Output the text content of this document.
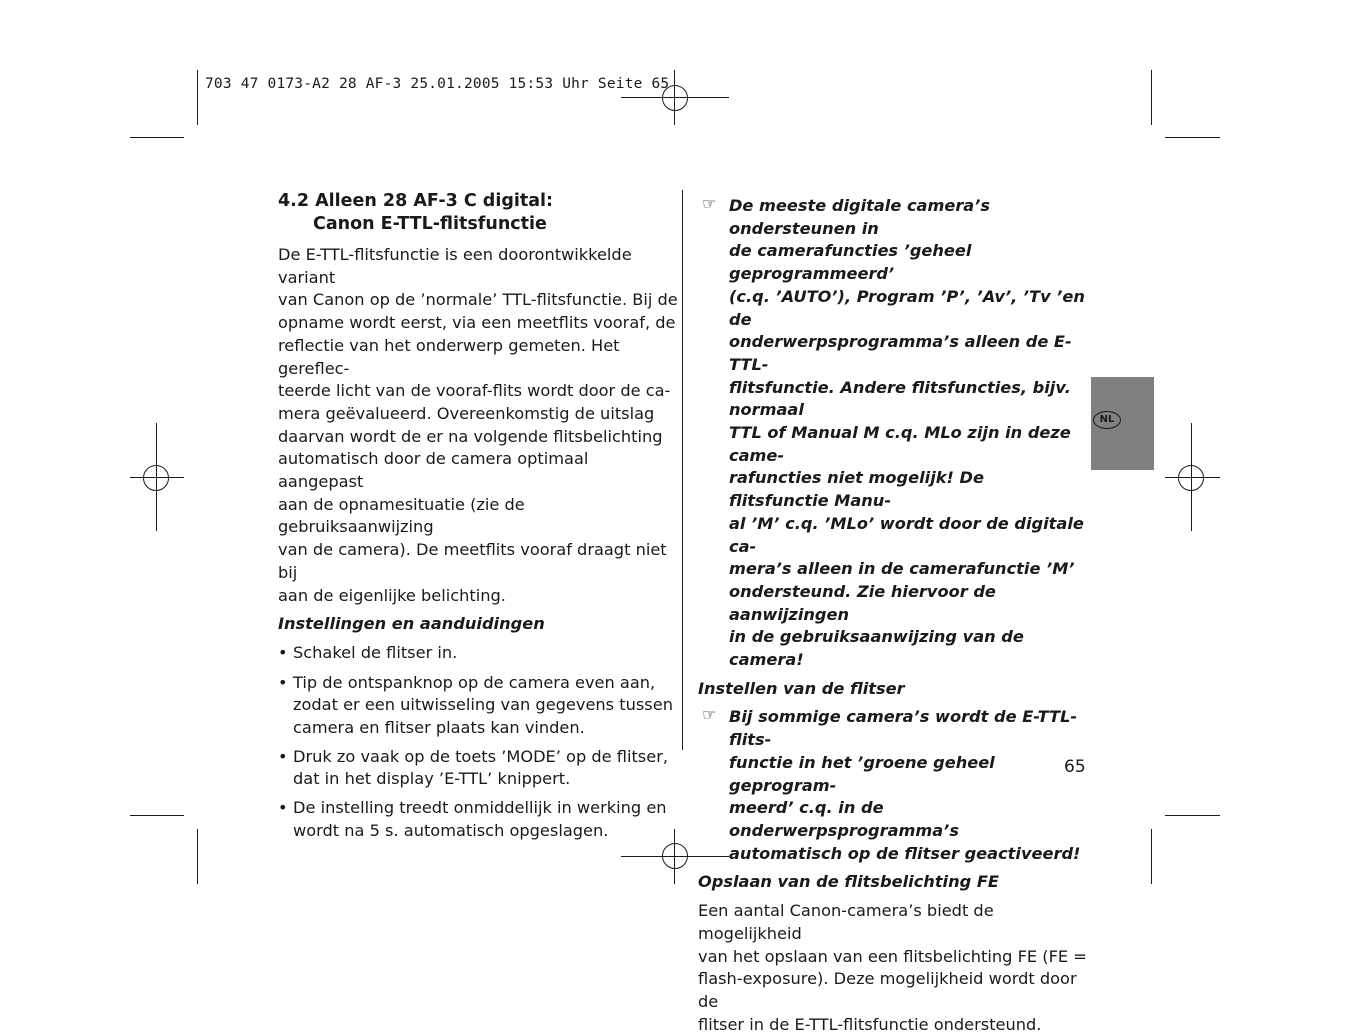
703 47 0173-A2 28 AF-3 25.01.2005 15:53 Uhr Seite 65
NL
4.2 Alleen 28 AF-3 C digital:
Canon E-TTL-flitsfunctie

De E-TTL-flitsfunctie is een doorontwikkelde variant

van Canon op de ’normale’ TTL-flitsfunctie. Bij de

opname wordt eerst, via een meetflits vooraf, de

reflectie van het onderwerp gemeten. Het gereflec-

teerde licht van de vooraf-flits wordt door de ca-

mera geëvalueerd. Overeenkomstig de uitslag

daarvan wordt de er na volgende flitsbelichting

automatisch door de camera optimaal aangepast

aan de opnamesituatie (zie de gebruiksaanwijzing

van de camera). De meetflits vooraf draagt niet bij

aan de eigenlijke belichting.

Instellingen en aanduidingen

• Schakel de flitser in.

• Tip de ontspanknop op de camera even aan,

zodat er een uitwisseling van gegevens tussen

camera en flitser plaats kan vinden.

• Druk zo vaak op de toets ’MODE’ op de flitser,

dat in het display ’E-TTL’ knippert.

• De instelling treedt onmiddellijk in werking en

wordt na 5 s. automatisch opgeslagen.

☞ De meeste digitale camera’s ondersteunen in

de camerafuncties ’geheel geprogrammeerd’

(c.q. ’AUTO’), Program ’P’, ’Av’, ’Tv ’en de

onderwerpsprogramma’s alleen de E-TTL-

flitsfunctie. Andere flitsfuncties, bijv. normaal

TTL of Manual M c.q. MLo zijn in deze came-

rafuncties niet mogelijk! De flitsfunctie Manu-

al ’M’ c.q. ’MLo’ wordt door de digitale ca-

mera’s alleen in de camerafunctie ’M’

ondersteund. Zie hiervoor de aanwijzingen

in de gebruiksaanwijzing van de camera!

Instellen van de flitser

☞ Bij sommige camera’s wordt de E-TTL-flits-

functie in het ’groene geheel geprogram-

meerd’ c.q. in de onderwerpsprogramma’s

automatisch op de flitser geactiveerd!

Opslaan van de flitsbelichting FE

Een aantal Canon-camera’s biedt de mogelijkheid

van het opslaan van een flitsbelichting FE (FE =

flash-exposure). Deze mogelijkheid wordt door de

flitser in de E-TTL-flitsfunctie ondersteund.

65
